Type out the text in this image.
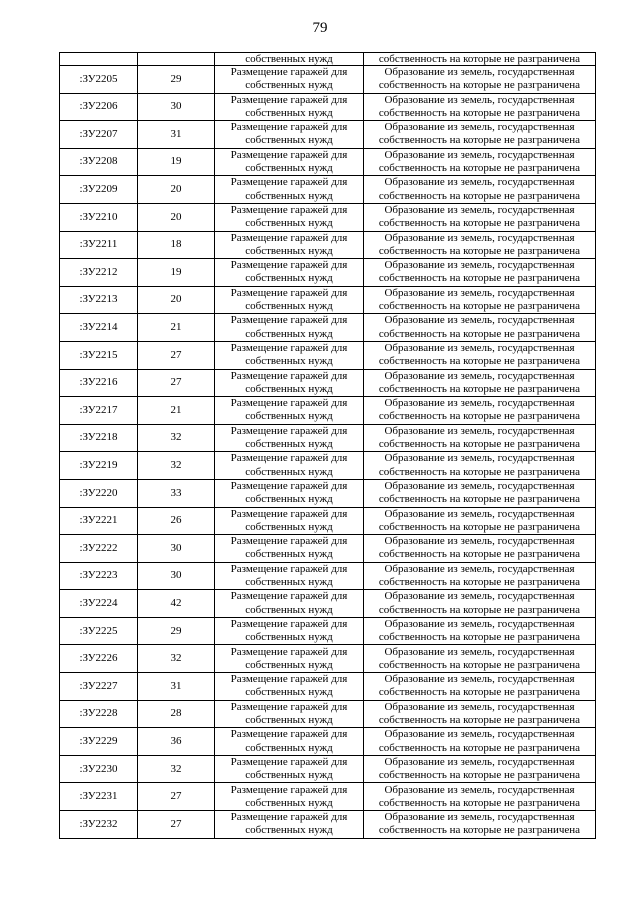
79
		собственных нужд	собственность на которые не разграничена
:ЗУ2205	29	Размещение гаражей для
собственных нужд	Образование из земель, государственная
собственность на которые не разграничена

:ЗУ2206	30	Размещение гаражей для
собственных нужд	Образование из земель, государственная
собственность на которые не разграничена

:ЗУ2207	31	Размещение гаражей для
собственных нужд	Образование из земель, государственная
собственность на которые не разграничена

:ЗУ2208	19	Размещение гаражей для
собственных нужд	Образование из земель, государственная
собственность на которые не разграничена

:ЗУ2209	20	Размещение гаражей для
собственных нужд	Образование из земель, государственная
собственность на которые не разграничена

:ЗУ2210	20	Размещение гаражей для
собственных нужд	Образование из земель, государственная
собственность на которые не разграничена

:ЗУ2211	18	Размещение гаражей для
собственных нужд	Образование из земель, государственная
собственность на которые не разграничена

:ЗУ2212	19	Размещение гаражей для
собственных нужд	Образование из земель, государственная
собственность на которые не разграничена

:ЗУ2213	20	Размещение гаражей для
собственных нужд	Образование из земель, государственная
собственность на которые не разграничена

:ЗУ2214	21	Размещение гаражей для
собственных нужд	Образование из земель, государственная
собственность на которые не разграничена

:ЗУ2215	27	Размещение гаражей для
собственных нужд	Образование из земель, государственная
собственность на которые не разграничена

:ЗУ2216	27	Размещение гаражей для
собственных нужд	Образование из земель, государственная
собственность на которые не разграничена

:ЗУ2217	21	Размещение гаражей для
собственных нужд	Образование из земель, государственная
собственность на которые не разграничена

:ЗУ2218	32	Размещение гаражей для
собственных нужд	Образование из земель, государственная
собственность на которые не разграничена

:ЗУ2219	32	Размещение гаражей для
собственных нужд	Образование из земель, государственная
собственность на которые не разграничена

:ЗУ2220	33	Размещение гаражей для
собственных нужд	Образование из земель, государственная
собственность на которые не разграничена

:ЗУ2221	26	Размещение гаражей для
собственных нужд	Образование из земель, государственная
собственность на которые не разграничена

:ЗУ2222	30	Размещение гаражей для
собственных нужд	Образование из земель, государственная
собственность на которые не разграничена

:ЗУ2223	30	Размещение гаражей для
собственных нужд	Образование из земель, государственная
собственность на которые не разграничена

:ЗУ2224	42	Размещение гаражей для
собственных нужд	Образование из земель, государственная
собственность на которые не разграничена

:ЗУ2225	29	Размещение гаражей для
собственных нужд	Образование из земель, государственная
собственность на которые не разграничена

:ЗУ2226	32	Размещение гаражей для
собственных нужд	Образование из земель, государственная
собственность на которые не разграничена

:ЗУ2227	31	Размещение гаражей для
собственных нужд	Образование из земель, государственная
собственность на которые не разграничена

:ЗУ2228	28	Размещение гаражей для
собственных нужд	Образование из земель, государственная
собственность на которые не разграничена

:ЗУ2229	36	Размещение гаражей для
собственных нужд	Образование из земель, государственная
собственность на которые не разграничена

:ЗУ2230	32	Размещение гаражей для
собственных нужд	Образование из земель, государственная
собственность на которые не разграничена

:ЗУ2231	27	Размещение гаражей для
собственных нужд	Образование из земель, государственная
собственность на которые не разграничена

:ЗУ2232	27	Размещение гаражей для
собственных нужд	Образование из земель, государственная
собственность на которые не разграничена
